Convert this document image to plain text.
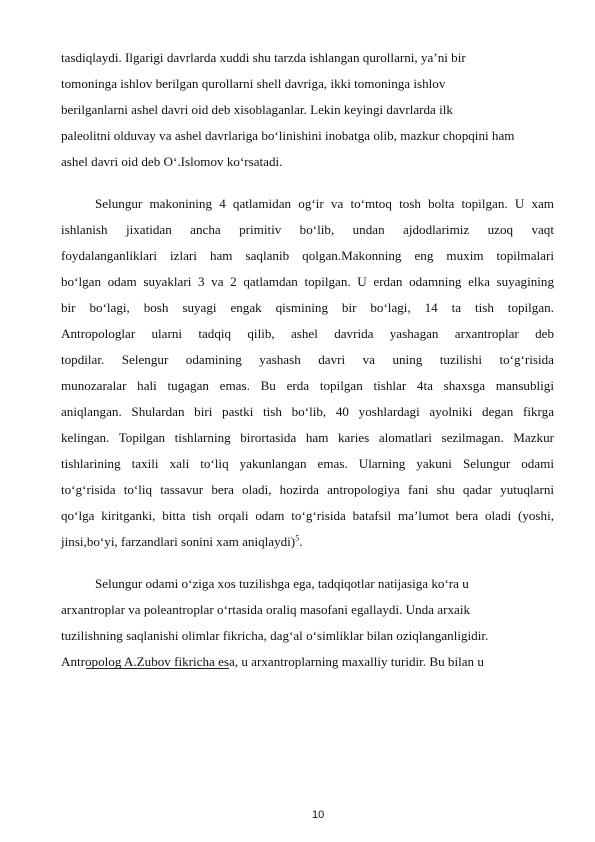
tasdiqlaydi. Ilgarigi davrlarda xuddi shu tarzda ishlangan qurollarni, ya’ni bir
tomoninga ishlov berilgan qurollarni shell davriga, ikki tomoninga ishlov
berilganlarni ashel davri oid deb xisoblaganlar. Lekin keyingi davrlarda ilk
paleolitni olduvay va ashel davrlariga bo‘linishini inobatga olib, mazkur chopqini ham
ashel davri oid deb O‘.Islomov ko‘rsatadi.
Selungur makonining 4 qatlamidan og‘ir va to‘mtoq tosh bolta topilgan. U xam
ishlanish jixatidan ancha primitiv bo‘lib, undan ajdodlarimiz uzoq vaqt
foydalanganliklari izlari ham saqlanib qolgan.Makonning eng muxim topilmalari
bo‘lgan odam suyaklari 3 va 2 qatlamdan topilgan. U erdan odamning elka suyagining
bir bo‘lagi, bosh suyagi engak qismining bir bo‘lagi, 14 ta tish topilgan.
Antropologlar ularni tadqiq qilib, ashel davrida yashagan arxantroplar deb
topdilar. Selengur odamining yashash davri va uning tuzilishi to‘g‘risida
munozaralar hali tugagan emas. Bu erda topilgan tishlar 4ta shaxsga mansubligi
aniqlangan. Shulardan biri pastki tish bo‘lib, 40 yoshlardagi ayolniki degan fikrga
kelingan. Topilgan tishlarning birortasida ham karies alomatlari sezilmagan. Mazkur
tishlarining taxili xali to‘liq yakunlangan emas. Ularning yakuni Selungur odami
to‘g‘risida to‘liq tassavur bera oladi, hozirda antropologiya fani shu qadar yutuqlarni
qo‘lga kiritganki, bitta tish orqali odam to‘g‘risida batafsil ma’lumot bera oladi (yoshi,
jinsi,bo‘yi, farzandlari sonini xam aniqlaydi)$^5$.
Selungur odami o‘ziga xos tuzilishga ega, tadqiqotlar natijasiga ko‘ra u
arxantroplar va poleantroplar o‘rtasida oraliq masofani egallaydi. Unda arxaik
tuzilishning saqlanishi olimlar fikricha, dag‘al o‘simliklar bilan oziqlanganligidir.
Antropolog A.Zubov fikricha esa, u arxantroplarning maxalliy turidir. Bu bilan u
10
